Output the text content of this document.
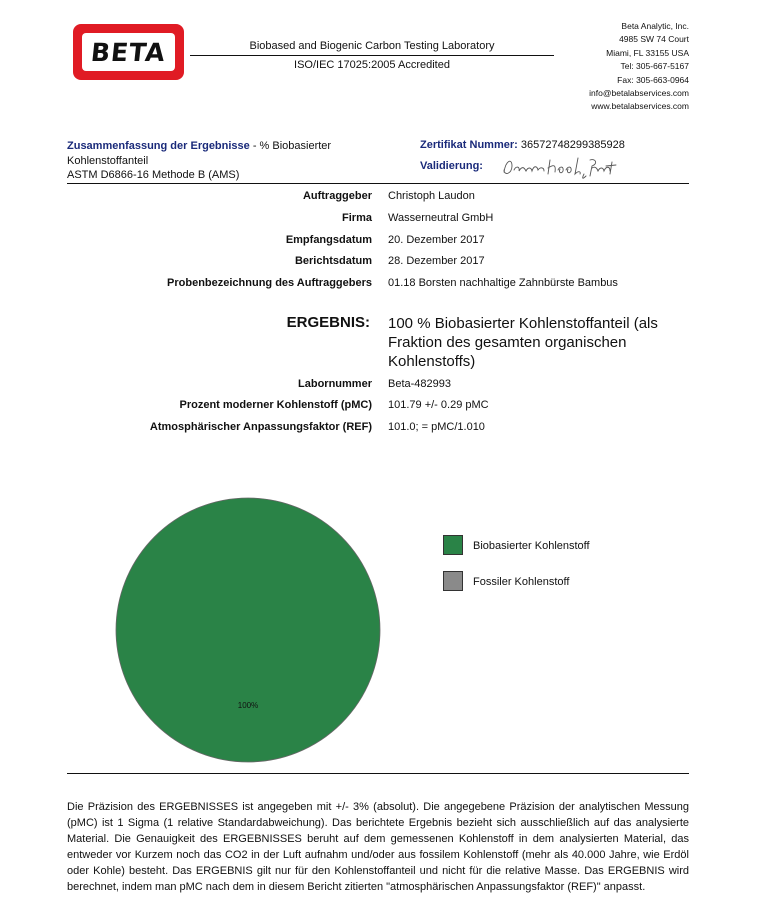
BETA	Biobased and Biogenic Carbon Testing Laboratory
ISO/IEC 17025:2005 Accredited
Beta Analytic, Inc.
4985 SW 74 Court
Miami, FL 33155 USA
Tel: 305-667-5167
Fax: 305-663-0964
info@betalabservices.com
www.betalabservices.com
Zusammenfassung der Ergebnisse - % Biobasierter Kohlenstoffanteil
ASTM D6866-16 Methode B (AMS)
Zertifikat Nummer: 36572748299385928
Validierung:
Auftraggeber Christoph Laudon
Firma Wasserneutral GmbH
Empfangsdatum 20. Dezember 2017
Berichtsdatum 28. Dezember 2017
Probenbezeichnung des Auftraggebers 01.18 Borsten nachhaltige Zahnbürste Bambus
ERGEBNIS: 100 % Biobasierter Kohlenstoffanteil (als Fraktion des gesamten organischen Kohlenstoffs)
Labornummer Beta-482993
Prozent moderner Kohlenstoff (pMC) 101.79 +/- 0.29 pMC
Atmosphärischer Anpassungsfaktor (REF) 101.0; = pMC/1.010
100%
Biobasierter Kohlenstoff
Fossiler Kohlenstoff
Die Präzision des ERGEBNISSES ist angegeben mit +/- 3% (absolut). Die angegebene Präzision der analytischen Messung (pMC) ist 1 Sigma (1 relative Standardabweichung). Das berichtete Ergebnis bezieht sich ausschließlich auf das analysierte Material. Die Genauigkeit des ERGEBNISSES beruht auf dem gemessenen Kohlenstoff in dem analysierten Material, das entweder vor Kurzem noch das CO2 in der Luft aufnahm und/oder aus fossilem Kohlenstoff (mehr als 40.000 Jahre, wie Erdöl oder Kohle) besteht. Das ERGEBNIS gilt nur für den Kohlenstoffanteil und nicht für die relative Masse. Das ERGEBNIS wird berechnet, indem man pMC nach dem in diesem Bericht zitierten "atmosphärischen Anpassungsfaktor (REF)" anpasst.
